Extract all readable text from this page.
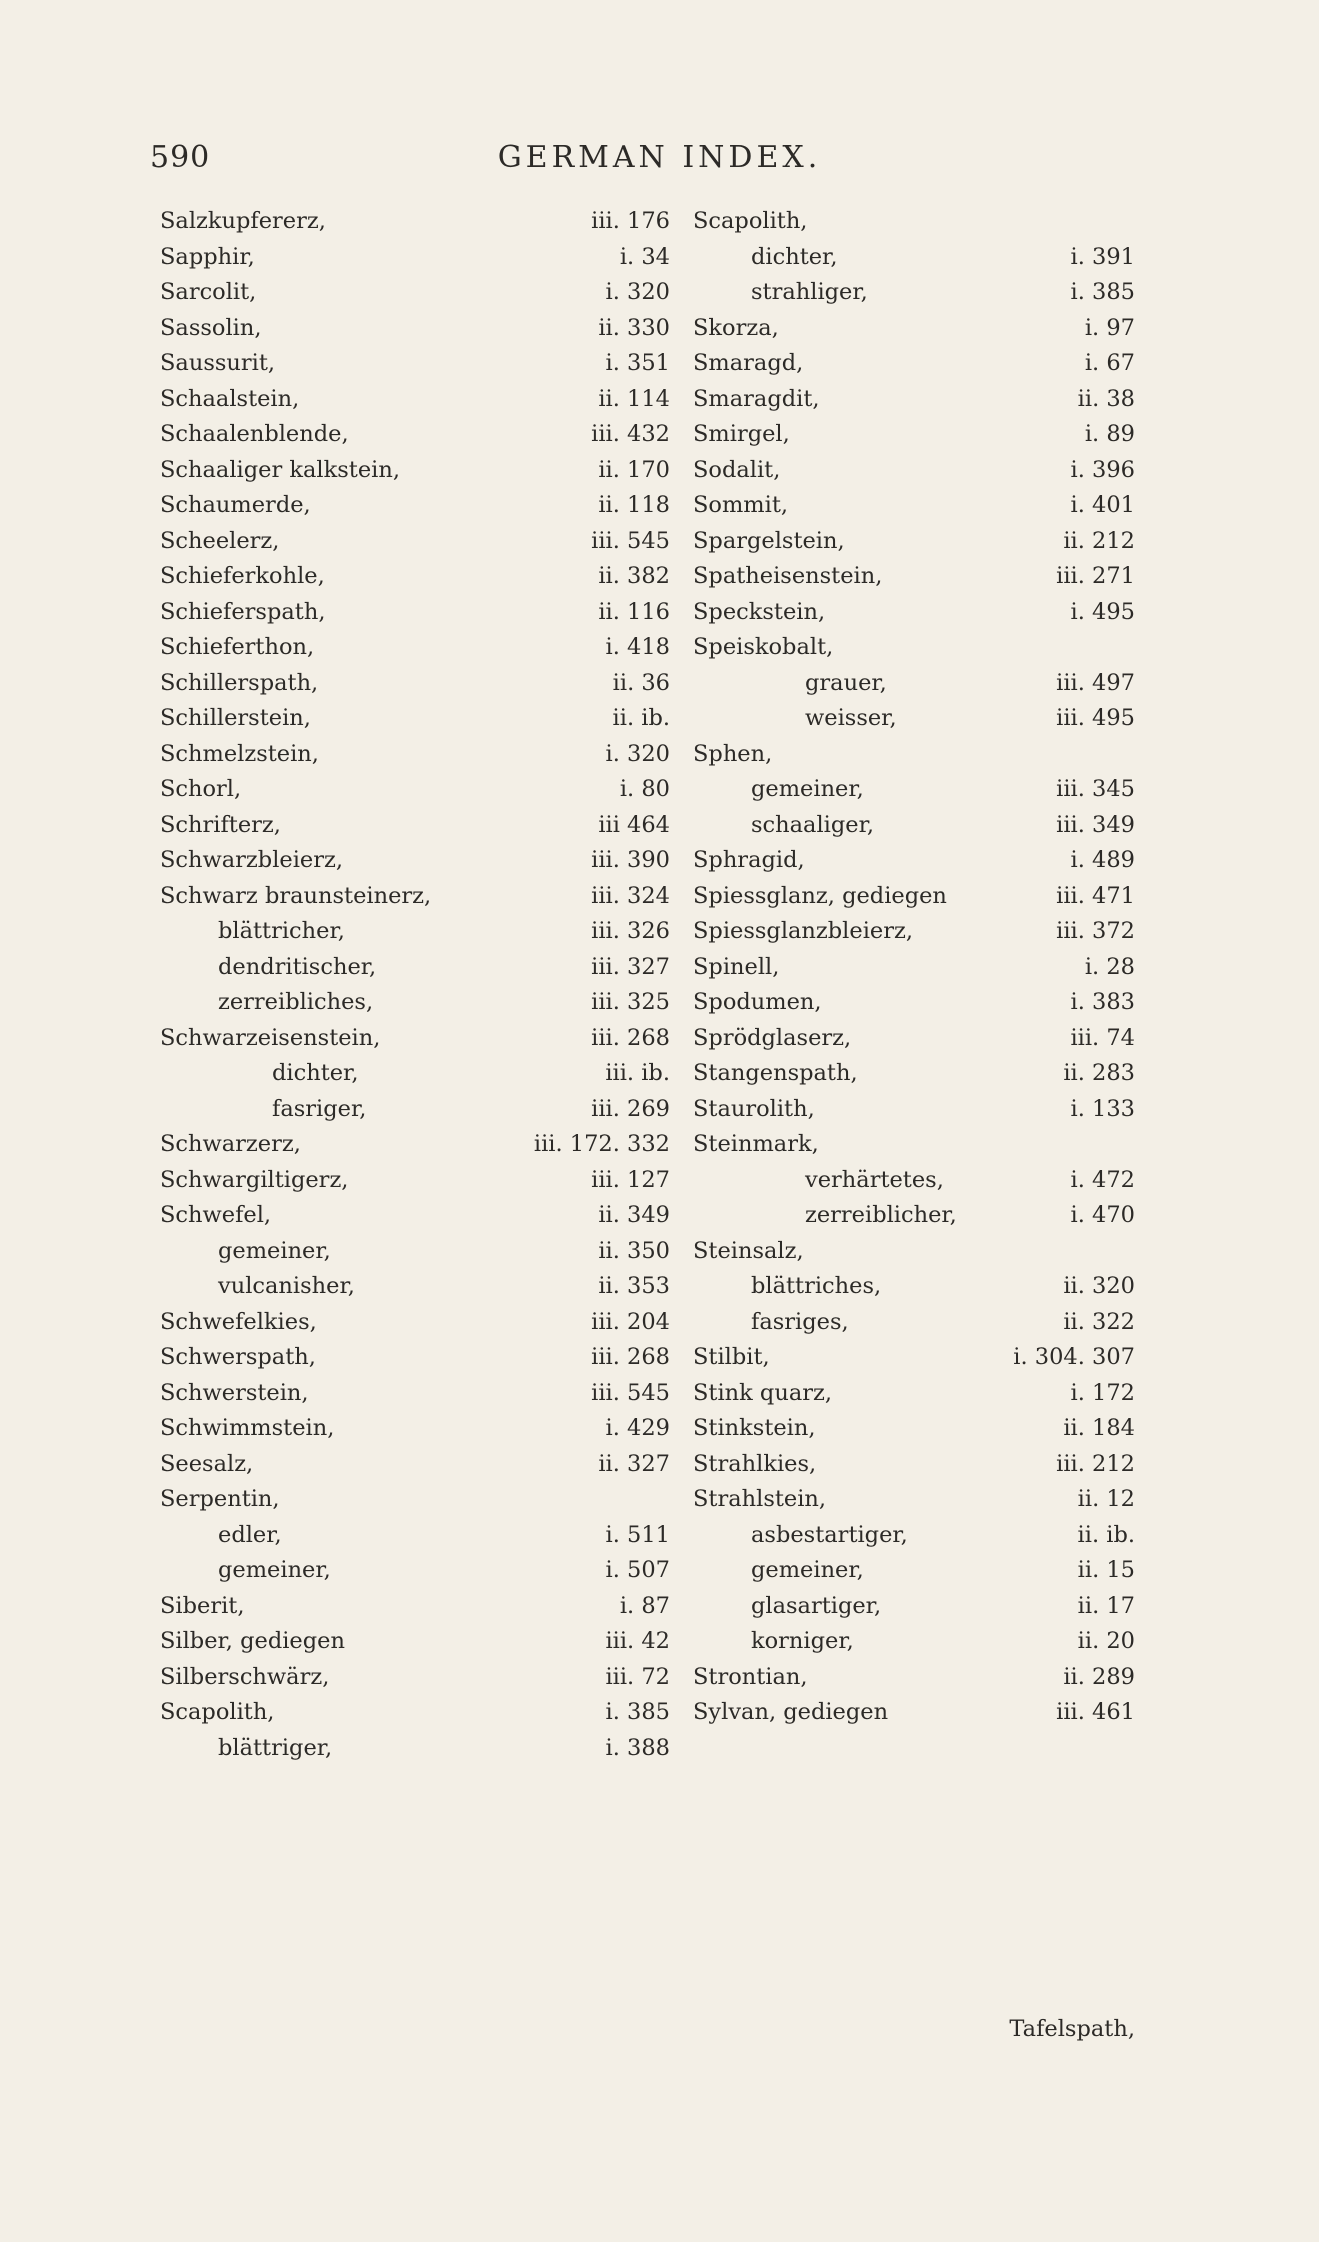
590	GERMAN INDEX.
Salzkupfererz,	iii. 176
Sapphir,	i. 34
Sarcolit,	i. 320
Sassolin,	ii. 330
Saussurit,	i. 351
Schaalstein,	ii. 114
Schaalenblende,	iii. 432
Schaaliger kalkstein,	ii. 170
Schaumerde,	ii. 118
Scheelerz,	iii. 545
Schieferkohle,	ii. 382
Schieferspath,	ii. 116
Schieferthon,	i. 418
Schillerspath,	ii. 36
Schillerstein,	ii. ib.
Schmelzstein,	i. 320
Schorl,	i. 80
Schrifterz,	iii 464
Schwarzbleierz,	iii. 390
Schwarz braunsteinerz,	iii. 324
blättricher,	iii. 326
dendritischer,	iii. 327
zerreibliches,	iii. 325
Schwarzeisenstein,	iii. 268
dichter,	iii. ib.
fasriger,	iii. 269
Schwarzerz,	iii. 172. 332
Schwargiltigerz,	iii. 127
Schwefel,	ii. 349
gemeiner,	ii. 350
vulcanisher,	ii. 353
Schwefelkies,	iii. 204
Schwerspath,	iii. 268
Schwerstein,	iii. 545
Schwimmstein,	i. 429
Seesalz,	ii. 327
Serpentin,
edler,	i. 511
gemeiner,	i. 507
Siberit,	i. 87
Silber, gediegen	iii. 42
Silberschwärz,	iii. 72
Scapolith,	i. 385
blättriger,	i. 388
Scapolith,
dichter,	i. 391
strahliger,	i. 385
Skorza,	i. 97
Smaragd,	i. 67
Smaragdit,	ii. 38
Smirgel,	i. 89
Sodalit,	i. 396
Sommit,	i. 401
Spargelstein,	ii. 212
Spatheisenstein,	iii. 271
Speckstein,	i. 495
Speiskobalt,
grauer,	iii. 497
weisser,	iii. 495
Sphen,
gemeiner,	iii. 345
schaaliger,	iii. 349
Sphragid,	i. 489
Spiessglanz, gediegen	iii. 471
Spiessglanzbleierz,	iii. 372
Spinell,	i. 28
Spodumen,	i. 383
Sprödglaserz,	iii. 74
Stangenspath,	ii. 283
Staurolith,	i. 133
Steinmark,
verhärtetes,	i. 472
zerreiblicher,	i. 470
Steinsalz,
blättriches,	ii. 320
fasriges,	ii. 322
Stilbit,	i. 304. 307
Stink quarz,	i. 172
Stinkstein,	ii. 184
Strahlkies,	iii. 212
Strahlstein,	ii. 12
asbestartiger,	ii. ib.
gemeiner,	ii. 15
glasartiger,	ii. 17
korniger,	ii. 20
Strontian,	ii. 289
Sylvan, gediegen	iii. 461
Tafelspath,
